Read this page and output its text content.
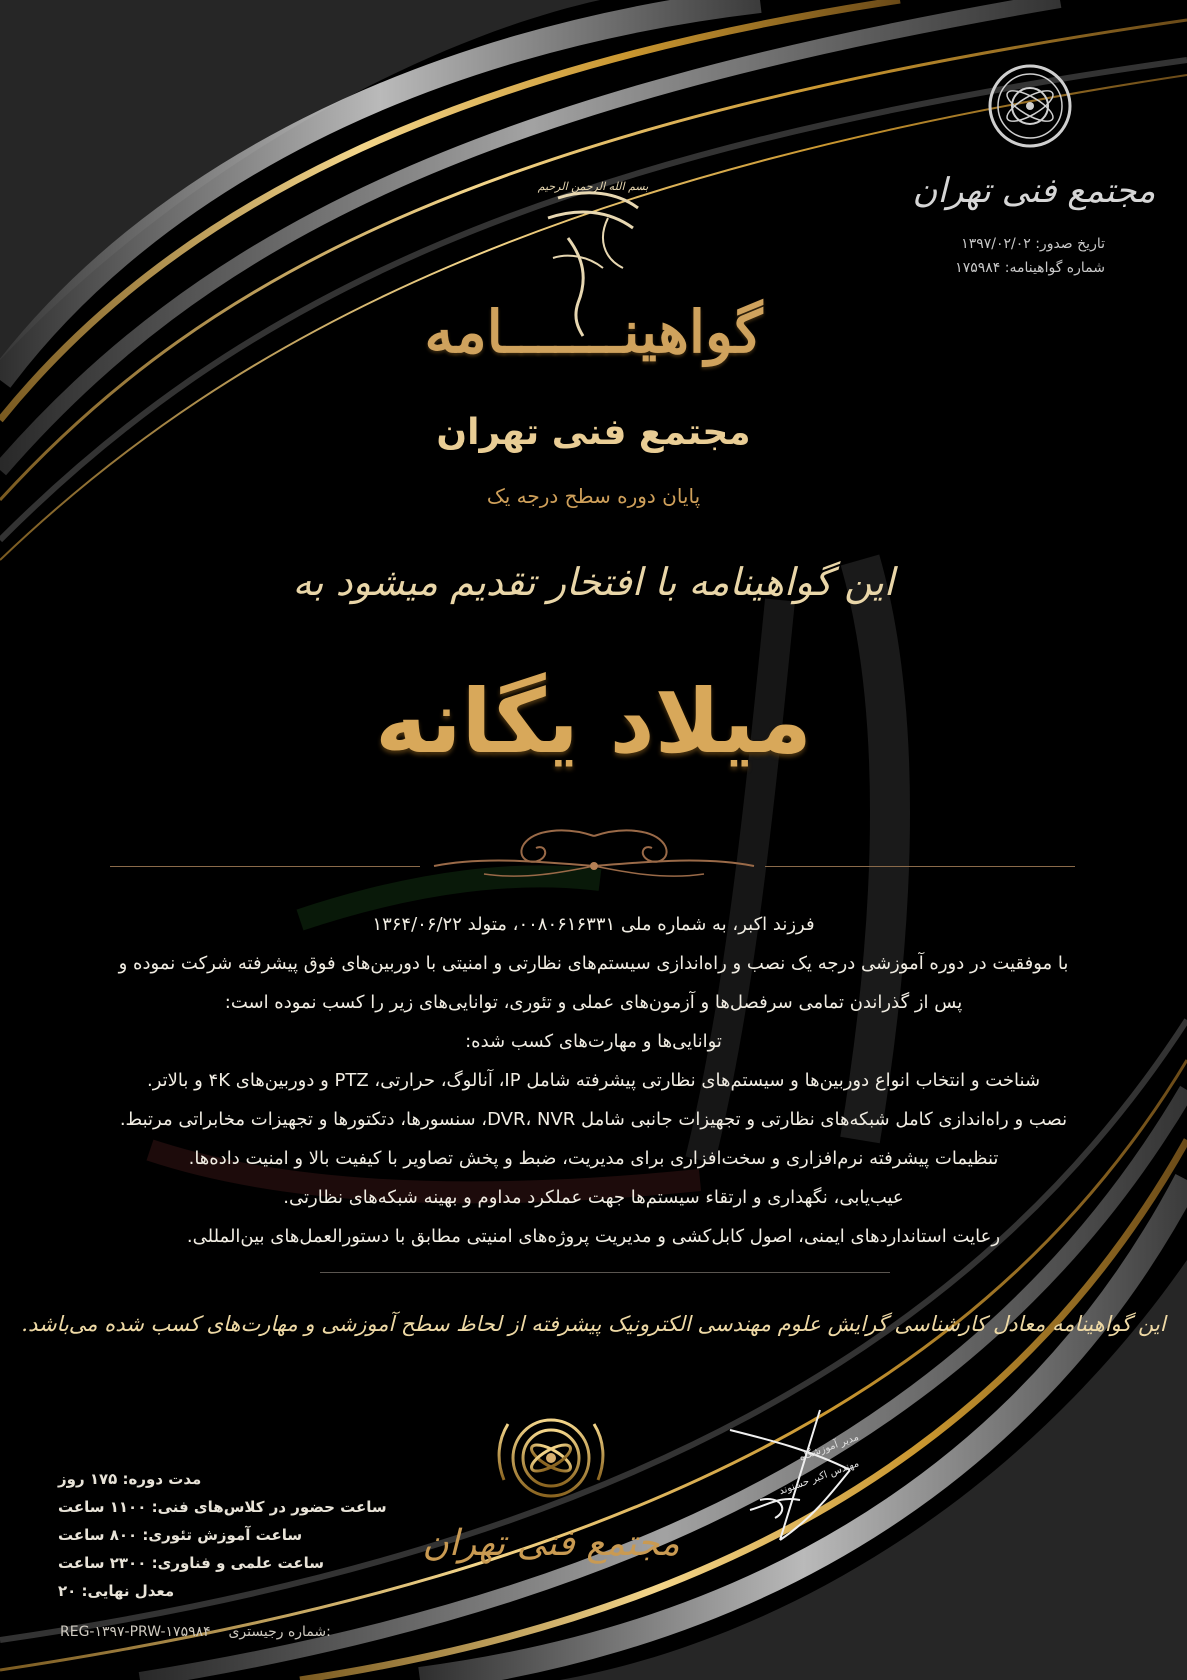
مجتمع فنی تهران
تاریخ صدور: ۱۳۹۷/۰۲/۰۲
شماره گواهینامه: ۱۷۵۹۸۴
بسم الله الرحمن الرحیم
گواهینـــــــامه
مجتمع فنی تهران
پایان دوره سطح درجه یک
این گواهینامه با افتخار تقدیم میشود به
میلاد یگانه
فرزند اکبر، به شماره ملی ۰۰۸۰۶۱۶۳۳۱، متولد ۱۳۶۴/۰۶/۲۲
با موفقیت در دوره آموزشی درجه یک نصب و راه‌اندازی سیستم‌های نظارتی و امنیتی با دوربین‌های فوق پیشرفته شرکت نموده و
پس از گذراندن تمامی سرفصل‌ها و آزمون‌های عملی و تئوری، توانایی‌های زیر را کسب نموده است:
توانایی‌ها و مهارت‌های کسب شده:
شناخت و انتخاب انواع دوربین‌ها و سیستم‌های نظارتی پیشرفته شامل IP، آنالوگ، حرارتی، PTZ و دوربین‌های ۴K و بالاتر.
نصب و راه‌اندازی کامل شبکه‌های نظارتی و تجهیزات جانبی شامل DVR، NVR، سنسورها، دتکتورها و تجهیزات مخابراتی مرتبط.
تنظیمات پیشرفته نرم‌افزاری و سخت‌افزاری برای مدیریت، ضبط و پخش تصاویر با کیفیت بالا و امنیت داده‌ها.
عیب‌یابی، نگهداری و ارتقاء سیستم‌ها جهت عملکرد مداوم و بهینه شبکه‌های نظارتی.
رعایت استانداردهای ایمنی، اصول کابل‌کشی و مدیریت پروژه‌های امنیتی مطابق با دستورالعمل‌های بین‌المللی.
این گواهینامه معادل کارشناسی گرایش علوم مهندسی الکترونیک پیشرفته از لحاظ سطح آموزشی و مهارت‌های کسب شده می‌باشد.
مجتمع فنی تهران
مدیر آموزشگاه
مهندس اکبر حسنوند
مدت دوره: ۱۷۵ روز
ساعت حضور در کلاس‌های فنی: ۱۱۰۰ ساعت
ساعت آموزش تئوری: ۸۰۰ ساعت
ساعت علمی و فناوری: ۲۳۰۰ ساعت
معدل نهایی: ۲۰
REG-۱۳۹۷-PRW-۱۷۵۹۸۴ شماره رجیستری:
